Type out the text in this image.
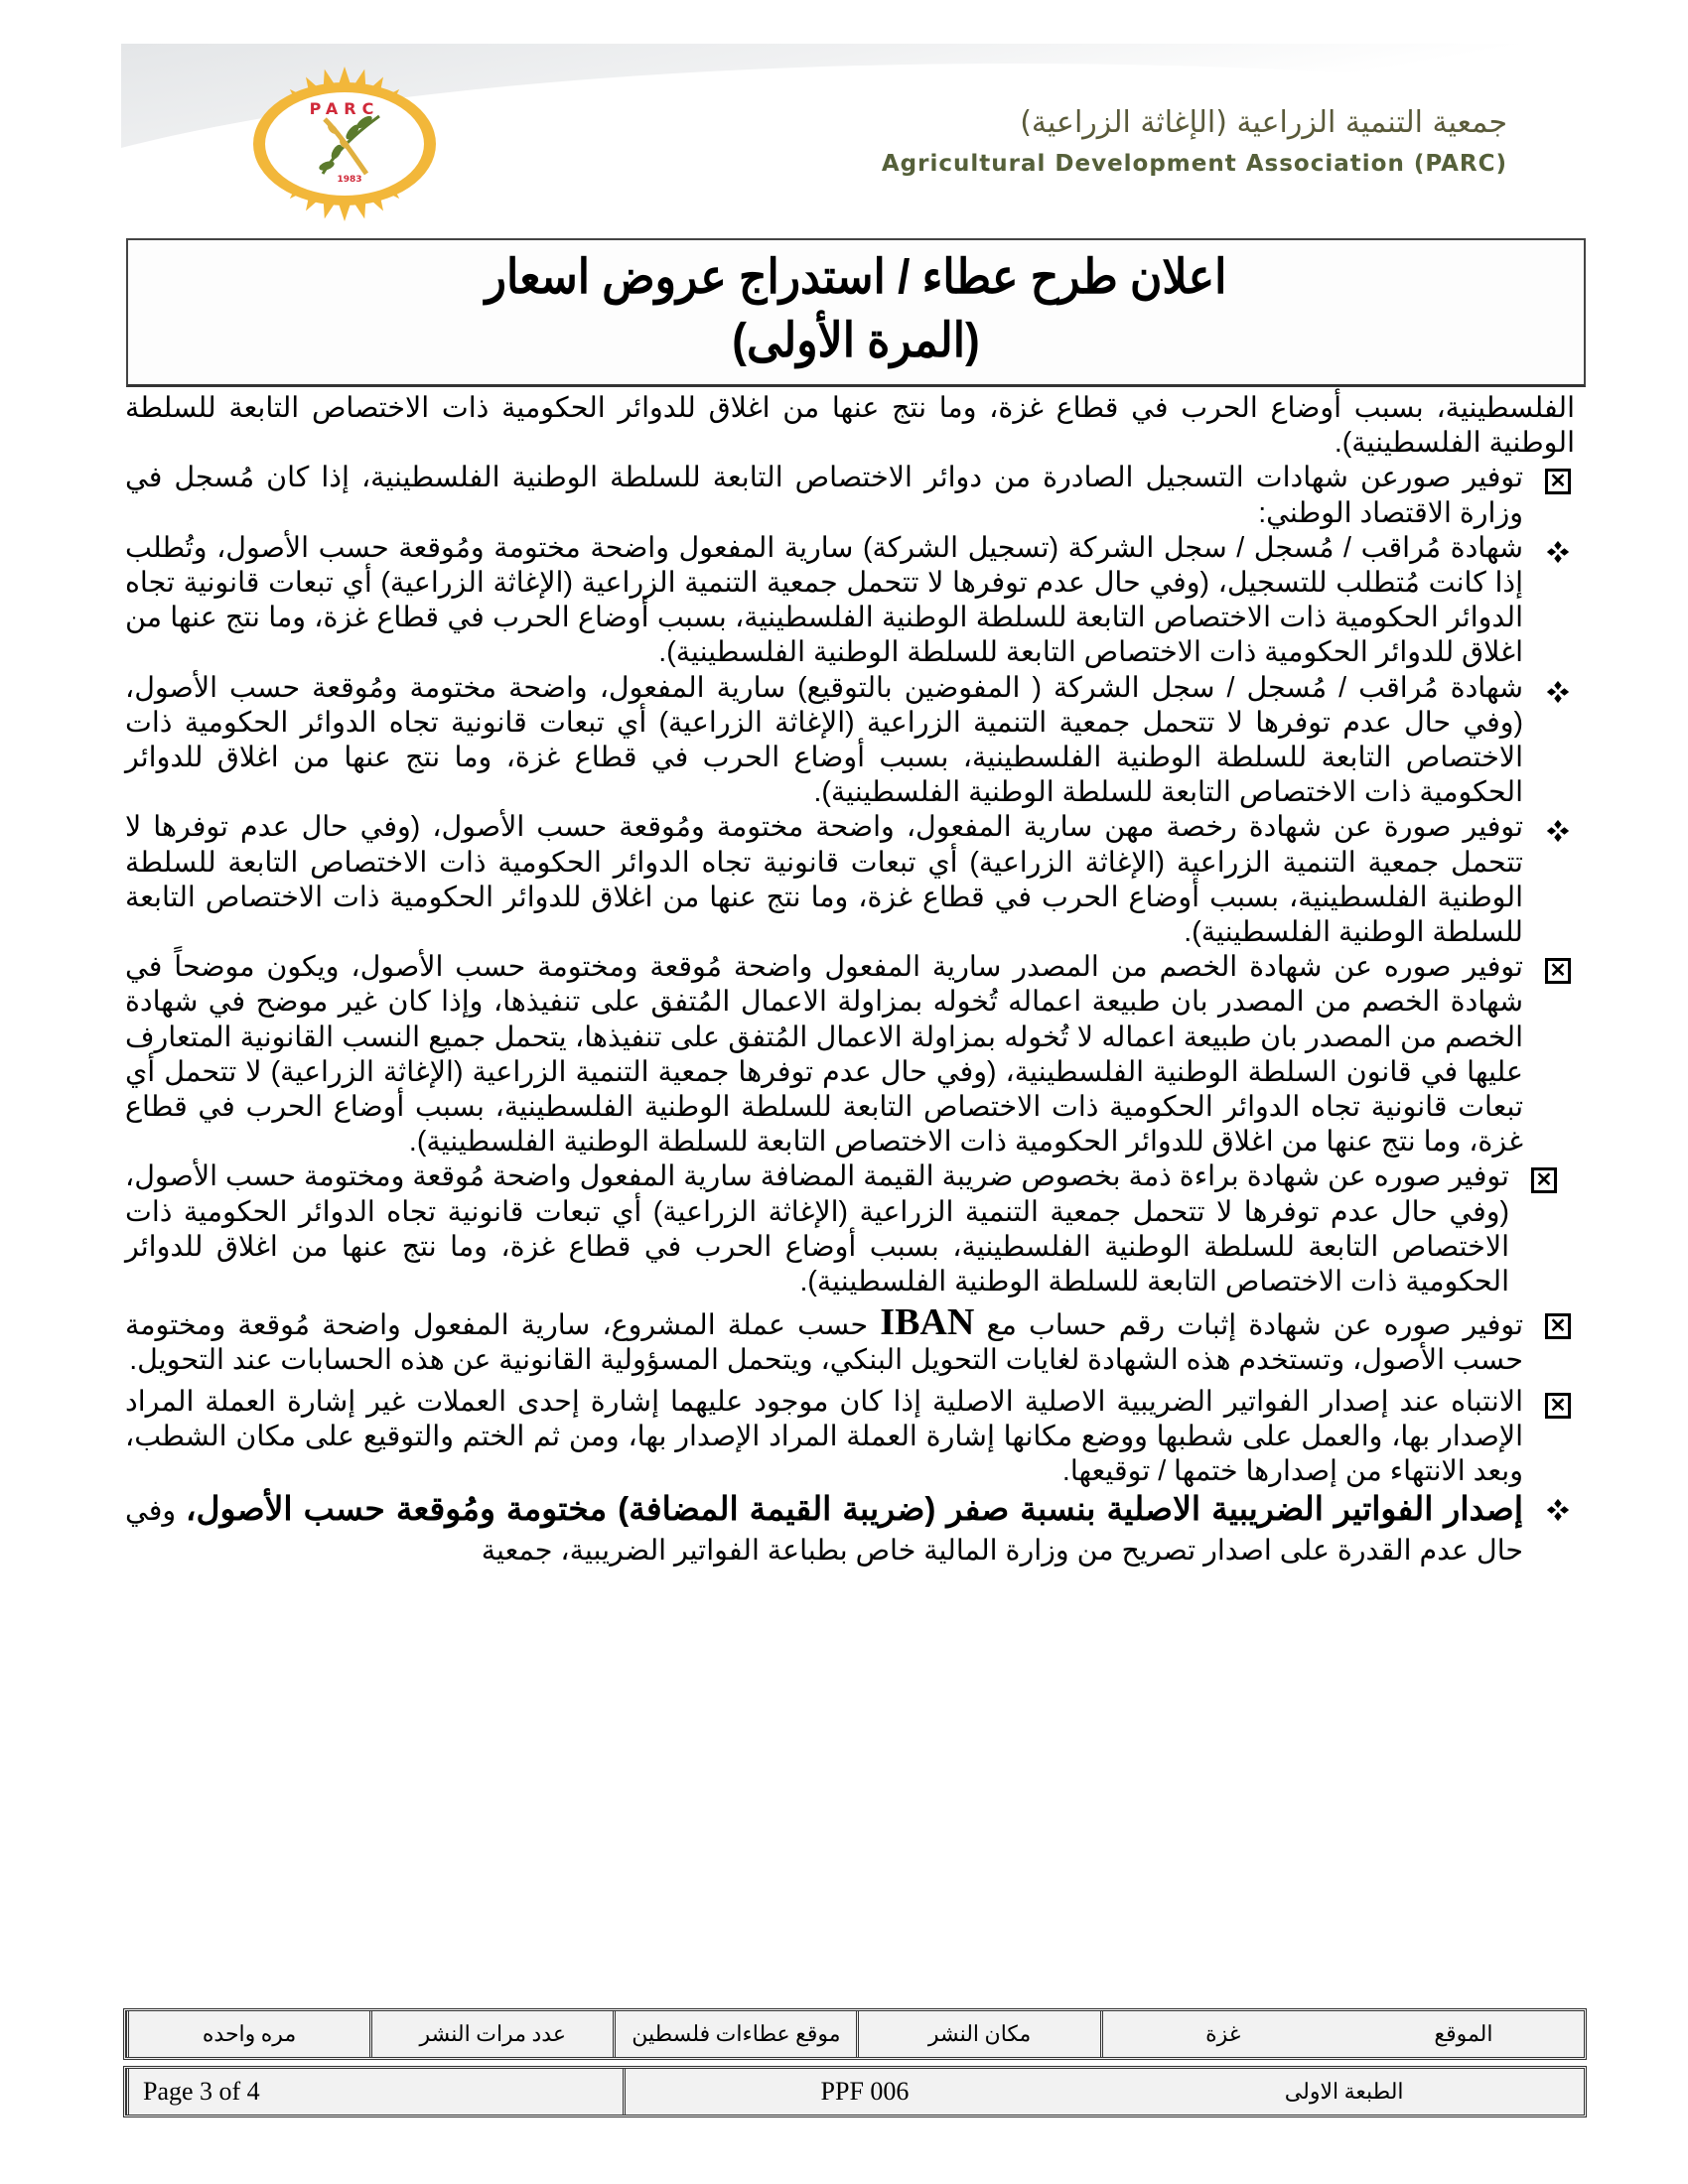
PARC
1983
جمعية التنمية الزراعية (الإغاثة الزراعية)
Agricultural Development Association (PARC)
اعلان طرح عطاء / استدراج عروض اسعار
(المرة الأولى)

الفلسطينية، بسبب أوضاع الحرب في قطاع غزة، وما نتج عنها من اغلاق للدوائر الحكومية ذات الاختصاص التابعة للسلطة الوطنية الفلسطينية).

✕

توفير صورعن شهادات التسجيل الصادرة من دوائر الاختصاص التابعة للسلطة الوطنية الفلسطينية، إذا كان مُسجل في وزارة الاقتصاد الوطني:

شهادة مُراقب / مُسجل / سجل الشركة (تسجيل الشركة) سارية المفعول واضحة مختومة ومُوقعة حسب الأصول، وتُطلب إذا كانت مُتطلب للتسجيل، (وفي حال عدم توفرها لا تتحمل جمعية التنمية الزراعية (الإغاثة الزراعية) أي تبعات قانونية تجاه الدوائر الحكومية ذات الاختصاص التابعة للسلطة الوطنية الفلسطينية، بسبب أوضاع الحرب في قطاع غزة، وما نتج عنها من اغلاق للدوائر الحكومية ذات الاختصاص التابعة للسلطة الوطنية الفلسطينية).

شهادة مُراقب / مُسجل / سجل الشركة ( المفوضين بالتوقيع) سارية المفعول، واضحة مختومة ومُوقعة حسب الأصول، (وفي حال عدم توفرها لا تتحمل جمعية التنمية الزراعية (الإغاثة الزراعية) أي تبعات قانونية تجاه الدوائر الحكومية ذات الاختصاص التابعة للسلطة الوطنية الفلسطينية، بسبب أوضاع الحرب في قطاع غزة، وما نتج عنها من اغلاق للدوائر الحكومية ذات الاختصاص التابعة للسلطة الوطنية الفلسطينية).

توفير صورة عن شهادة رخصة مهن سارية المفعول، واضحة مختومة ومُوقعة حسب الأصول، (وفي حال عدم توفرها لا تتحمل جمعية التنمية الزراعية (الإغاثة الزراعية) أي تبعات قانونية تجاه الدوائر الحكومية ذات الاختصاص التابعة للسلطة الوطنية الفلسطينية، بسبب أوضاع الحرب في قطاع غزة، وما نتج عنها من اغلاق للدوائر الحكومية ذات الاختصاص التابعة للسلطة الوطنية الفلسطينية).

✕

توفير صوره عن شهادة الخصم من المصدر سارية المفعول واضحة مُوقعة ومختومة حسب الأصول، ويكون موضحاً في شهادة الخصم من المصدر بان طبيعة اعماله تُخوله بمزاولة الاعمال المُتفق على تنفيذها، وإذا كان غير موضح في شهادة الخصم من المصدر بان طبيعة اعماله لا تُخوله بمزاولة الاعمال المُتفق على تنفيذها، يتحمل جميع النسب القانونية المتعارف عليها في قانون السلطة الوطنية الفلسطينية، (وفي حال عدم توفرها جمعية التنمية الزراعية (الإغاثة الزراعية) لا تتحمل أي تبعات قانونية تجاه الدوائر الحكومية ذات الاختصاص التابعة للسلطة الوطنية الفلسطينية، بسبب أوضاع الحرب في قطاع غزة، وما نتج عنها من اغلاق للدوائر الحكومية ذات الاختصاص التابعة للسلطة الوطنية الفلسطينية).

✕

توفير صوره عن شهادة براءة ذمة بخصوص ضريبة القيمة المضافة سارية المفعول واضحة مُوقعة ومختومة حسب الأصول، (وفي حال عدم توفرها لا تتحمل جمعية التنمية الزراعية (الإغاثة الزراعية) أي تبعات قانونية تجاه الدوائر الحكومية ذات الاختصاص التابعة للسلطة الوطنية الفلسطينية، بسبب أوضاع الحرب في قطاع غزة، وما نتج عنها من اغلاق للدوائر الحكومية ذات الاختصاص التابعة للسلطة الوطنية الفلسطينية).

✕

توفير صوره عن شهادة إثبات رقم حساب مع IBAN حسب عملة المشروع، سارية المفعول واضحة مُوقعة ومختومة حسب الأصول، وتستخدم هذه الشهادة لغايات التحويل البنكي، ويتحمل المسؤولية القانونية عن هذه الحسابات عند التحويل.

✕

الانتباه عند إصدار الفواتير الضريبية الاصلية الاصلية إذا كان موجود عليهما إشارة إحدى العملات غير إشارة العملة المراد الإصدار بها، والعمل على شطبها ووضع مكانها إشارة العملة المراد الإصدار بها، ومن ثم الختم والتوقيع على مكان الشطب، وبعد الانتهاء من إصدارها ختمها / توقيعها.

إصدار الفواتير الضريبية الاصلية بنسبة صفر (ضريبة القيمة المضافة) مختومة ومُوقعة حسب الأصول، وفي حال عدم القدرة على اصدار تصريح من وزارة المالية خاص بطباعة الفواتير الضريبية، جمعية

الموقع
غزة
مكان النشر
موقع عطاءات فلسطين
عدد مرات النشر
مره واحده
الطبعة الاولى
PPF 006
Page 3 of 4
